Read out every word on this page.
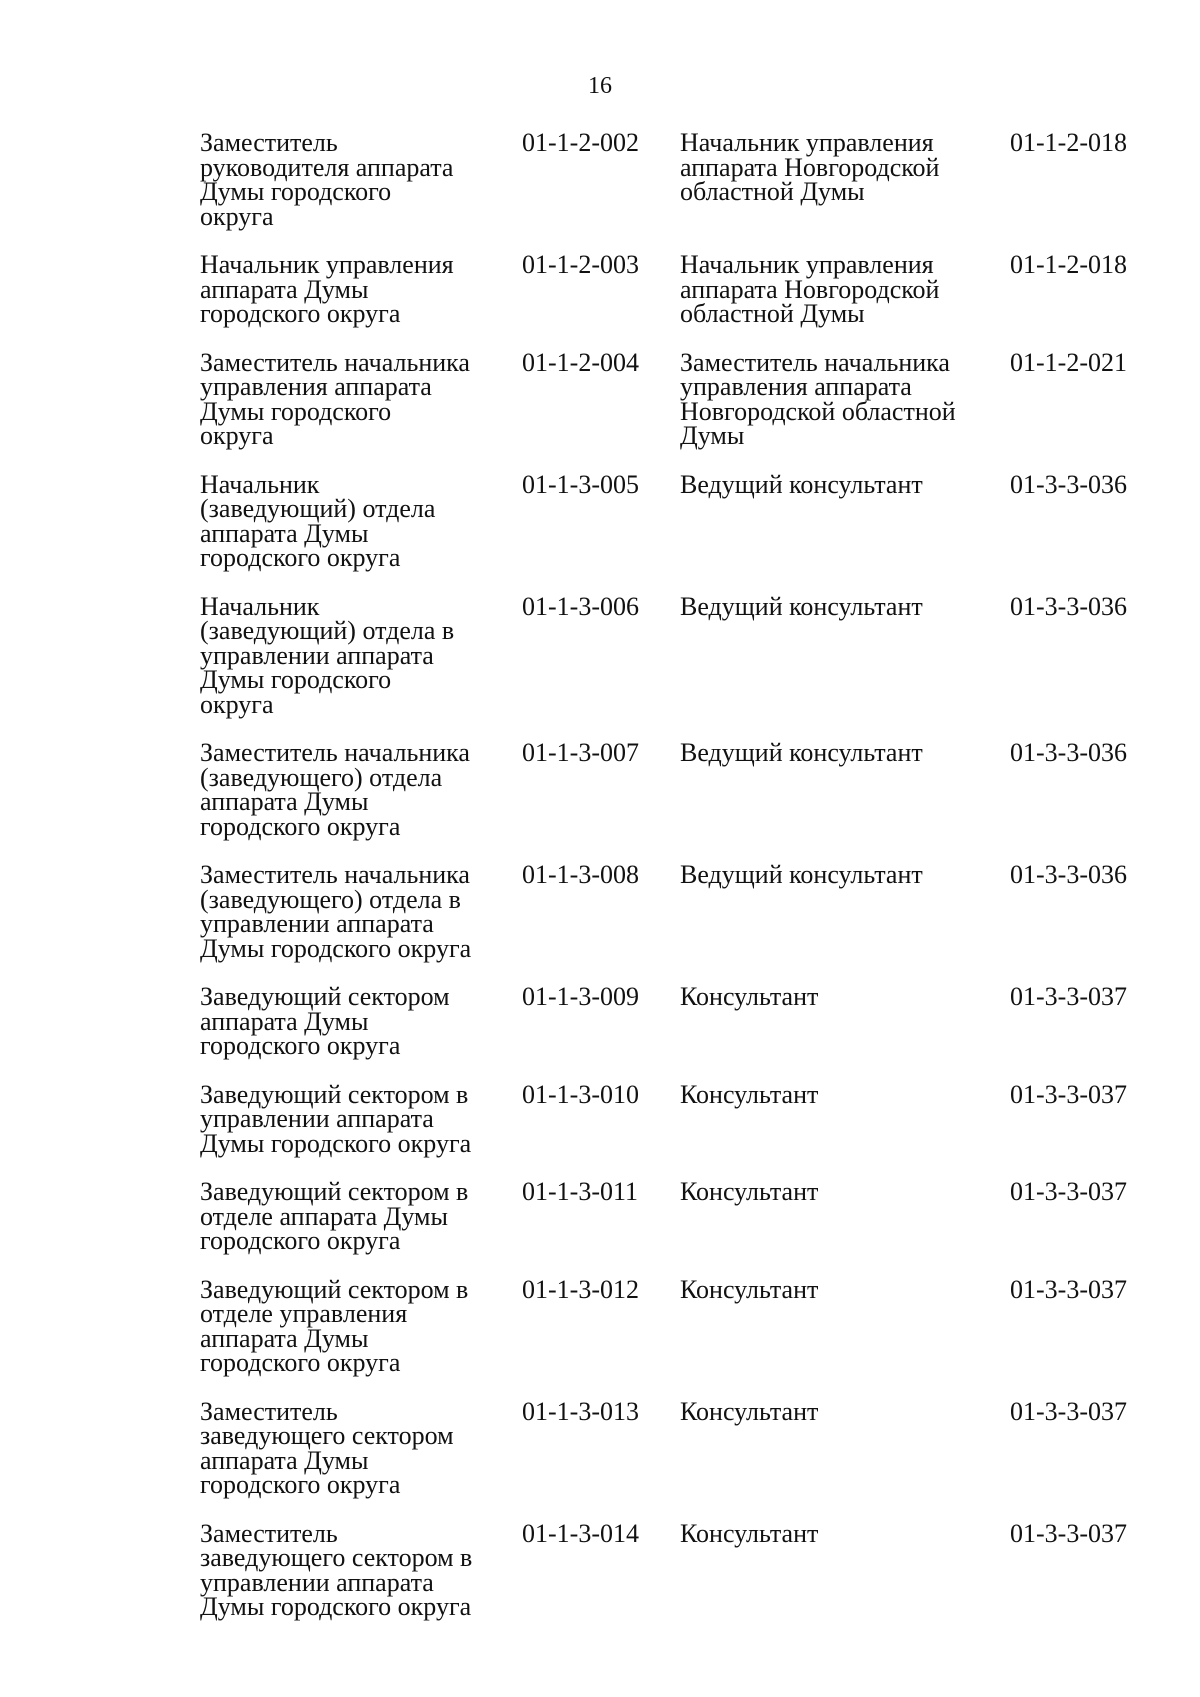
16
Заместитель
руководителя аппарата
Думы городского
округа	01-1-2-002	Начальник управления
аппарата Новгородской
областной Думы	01-1-2-018
Начальник управления
аппарата Думы
городского округа	01-1-2-003	Начальник управления
аппарата Новгородской
областной Думы	01-1-2-018
Заместитель начальника
управления аппарата
Думы городского
округа	01-1-2-004	Заместитель начальника
управления аппарата
Новгородской областной
Думы	01-1-2-021
Начальник
(заведующий) отдела
аппарата Думы
городского округа	01-1-3-005	Ведущий консультант	01-3-3-036
Начальник
(заведующий) отдела в
управлении аппарата
Думы городского
округа	01-1-3-006	Ведущий консультант	01-3-3-036
Заместитель начальника
(заведующего) отдела
аппарата Думы
городского округа	01-1-3-007	Ведущий консультант	01-3-3-036
Заместитель начальника
(заведующего) отдела в
управлении аппарата
Думы городского округа	01-1-3-008	Ведущий консультант	01-3-3-036
Заведующий сектором
аппарата Думы
городского округа	01-1-3-009	Консультант	01-3-3-037
Заведующий сектором в
управлении аппарата
Думы городского округа	01-1-3-010	Консультант	01-3-3-037
Заведующий сектором в
отделе аппарата Думы
городского округа	01-1-3-011	Консультант	01-3-3-037
Заведующий сектором в
отделе управления
аппарата Думы
городского округа	01-1-3-012	Консультант	01-3-3-037
Заместитель
заведующего сектором
аппарата Думы
городского округа	01-1-3-013	Консультант	01-3-3-037
Заместитель
заведующего сектором в
управлении аппарата
Думы городского округа	01-1-3-014	Консультант	01-3-3-037
